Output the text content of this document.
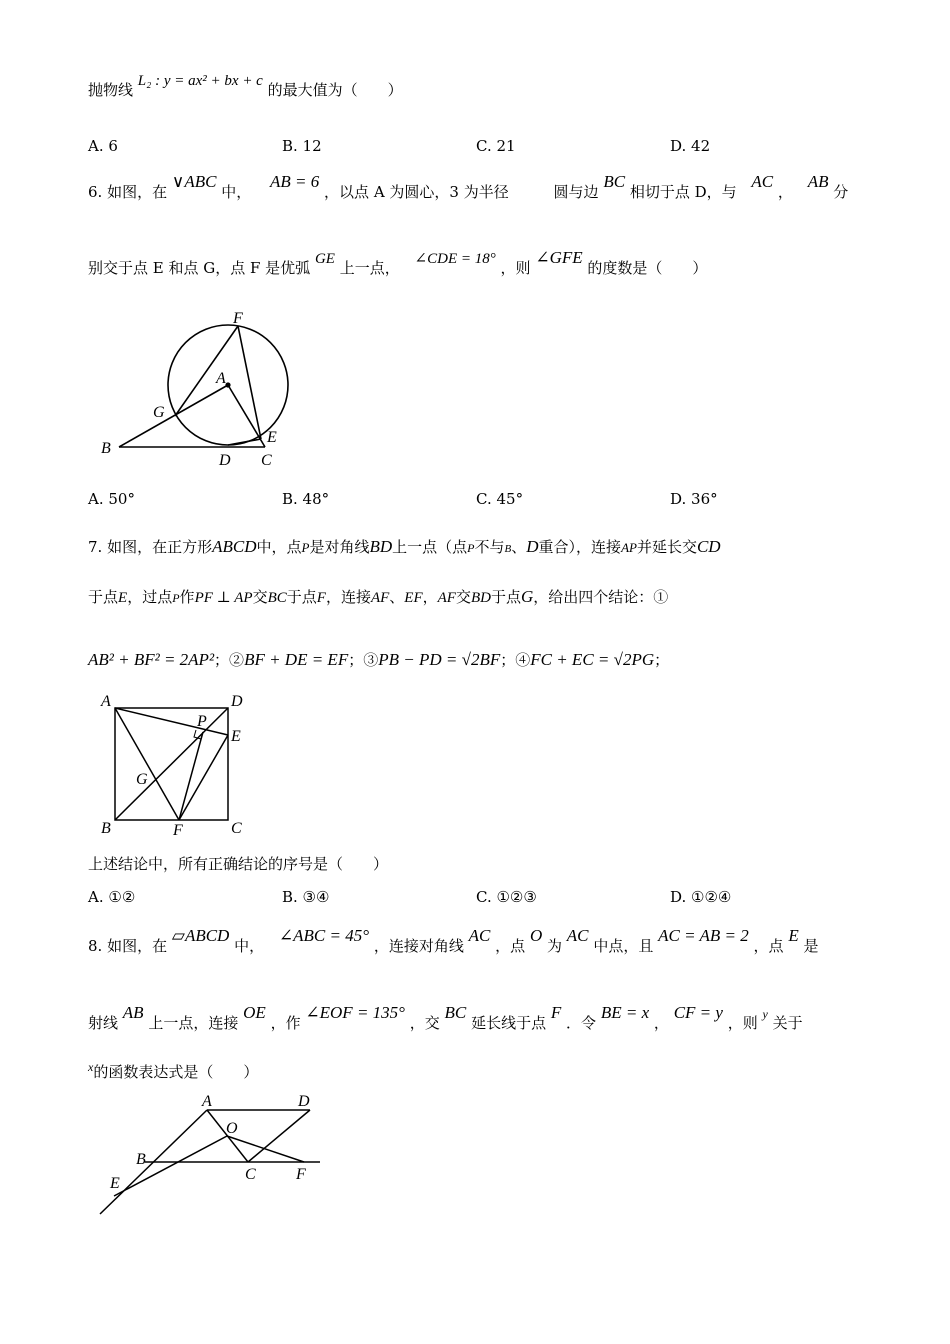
抛物线 L₂ : y = ax² + bx + c 的最大值为（　　）
A. 6	B. 12	C. 21	D. 42
6. 如图，在 ∨ABC 中， AB = 6 ，以点 A 为圆心，3 为半径	圆与边 BC 相切于点 D，与 AC ， AB 分
别交于点 E 和点 G，点 F 是优弧 GE 上一点， ∠CDE = 18° ，则 ∠GFE 的度数是（　　）
F
A
G
E
B
D C
A. 50°	B. 48°	C. 45°	D. 36°
7. 如图，在正方形ABCD中，点P是对角线BD上一点（点P不与B、D重合），连接AP并延长交CD
于点E，过点P作PF ⊥ AP交BC于点F，连接AF、EF，AF交BD于点G，给出四个结论：①
AB² + BF² = 2AP²；②BF + DE = EF；③PB − PD = √2BF；④FC + EC = √2PG；
A	D
P
E
G
B	F	C
上述结论中，所有正确结论的序号是（　　）
A. ①②	B. ③④	C. ①②③	D. ①②④
8. 如图，在 ▱ABCD 中， ∠ABC = 45° ，连接对角线 AC ，点 O 为 AC 中点，且 AC = AB = 2 ，点 E 是
射线 AB 上一点，连接 OE ，作 ∠EOF = 135° ，交 BC 延长线于点 F ．令 BE = x ， CF = y ，则 $^y$ 关于
$^x$的函数表达式是（　　）
A	D
O
B
C	F
E
